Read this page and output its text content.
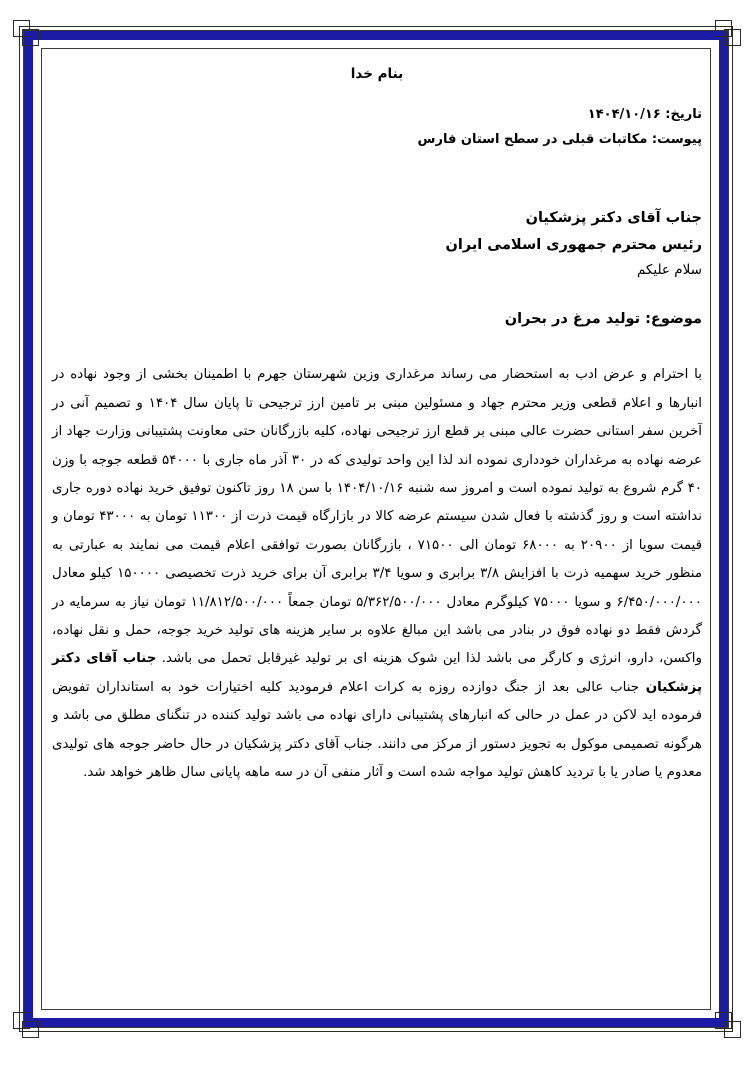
بنام خدا
تاریخ: ۱۴۰۴/۱۰/۱۶
پیوست: مکاتبات قبلی در سطح استان فارس
جناب آقای دکتر پزشکیان
رئیس محترم جمهوری اسلامی ایران
سلام علیکم
موضوع: تولید مرغ در بحران

با احترام و عرض ادب به استحضار می رساند مرغداری وزین شهرستان جهرم با اطمینان بخشی از وجود نهاده در انبارها و اعلام قطعی وزیر محترم جهاد و مسئولین مبنی بر تامین ارز ترجیحی تا پایان سال ۱۴۰۴ و تصمیم آنی در آخرین سفر استانی حضرت عالی مبنی بر قطع ارز ترجیحی نهاده، کلیه بازرگانان حتی معاونت پشتیبانی وزارت جهاد از عرضه نهاده به مرغداران خودداری نموده اند لذا این واحد تولیدی که در ۳۰ آذر ماه جاری با ۵۴۰۰۰ قطعه جوجه با وزن ۴۰ گرم شروع به تولید نموده است و امروز سه شنبه ۱۴۰۴/۱۰/۱۶ با سن ۱۸ روز تاکنون توفیق خرید نهاده دوره جاری نداشته است و روز گذشته با فعال شدن سیستم عرضه کالا در بازارگاه قیمت ذرت از ۱۱۳۰۰ تومان به ۴۳۰۰۰ تومان و قیمت سویا از ۲۰۹۰۰ به ۶۸۰۰۰ تومان الی ۷۱۵۰۰ ، بازرگانان بصورت توافقی اعلام قیمت می نمایند به عبارتی به منظور خرید سهمیه ذرت با افزایش ۳/۸ برابری و سویا ۳/۴ برابری آن برای خرید ذرت تخصیصی ۱۵۰۰۰۰ کیلو معادل ۶/۴۵۰/۰۰۰/۰۰۰ و سویا ۷۵۰۰۰ کیلوگرم معادل ۵/۳۶۲/۵۰۰/۰۰۰ تومان جمعاً ۱۱/۸۱۲/۵۰۰/۰۰۰ تومان نیاز به سرمایه در گردش فقط دو نهاده فوق در بنادر می باشد این مبالغ علاوه بر سایر هزینه های تولید خرید جوجه، حمل و نقل نهاده، واکسن، دارو، انرژی و کارگر می باشد لذا این شوک هزینه ای بر تولید غیرقابل تحمل می باشد. جناب آقای دکتر پزشکیان جناب عالی بعد از جنگ دوازده روزه به کرات اعلام فرمودید کلیه اختیارات خود به استانداران تفویض فرموده اید لاکن در عمل در حالی که انبارهای پشتیبانی دارای نهاده می باشد تولید کننده در تنگنای مطلق می باشد و هرگونه تصمیمی موکول به تجویز دستور از مرکز می دانند. جناب آقای دکتر پزشکیان در حال حاضر جوجه های تولیدی معدوم یا صادر یا با تردید کاهش تولید مواجه شده است و آثار منفی آن در سه ماهه پایانی سال ظاهر خواهد شد.
